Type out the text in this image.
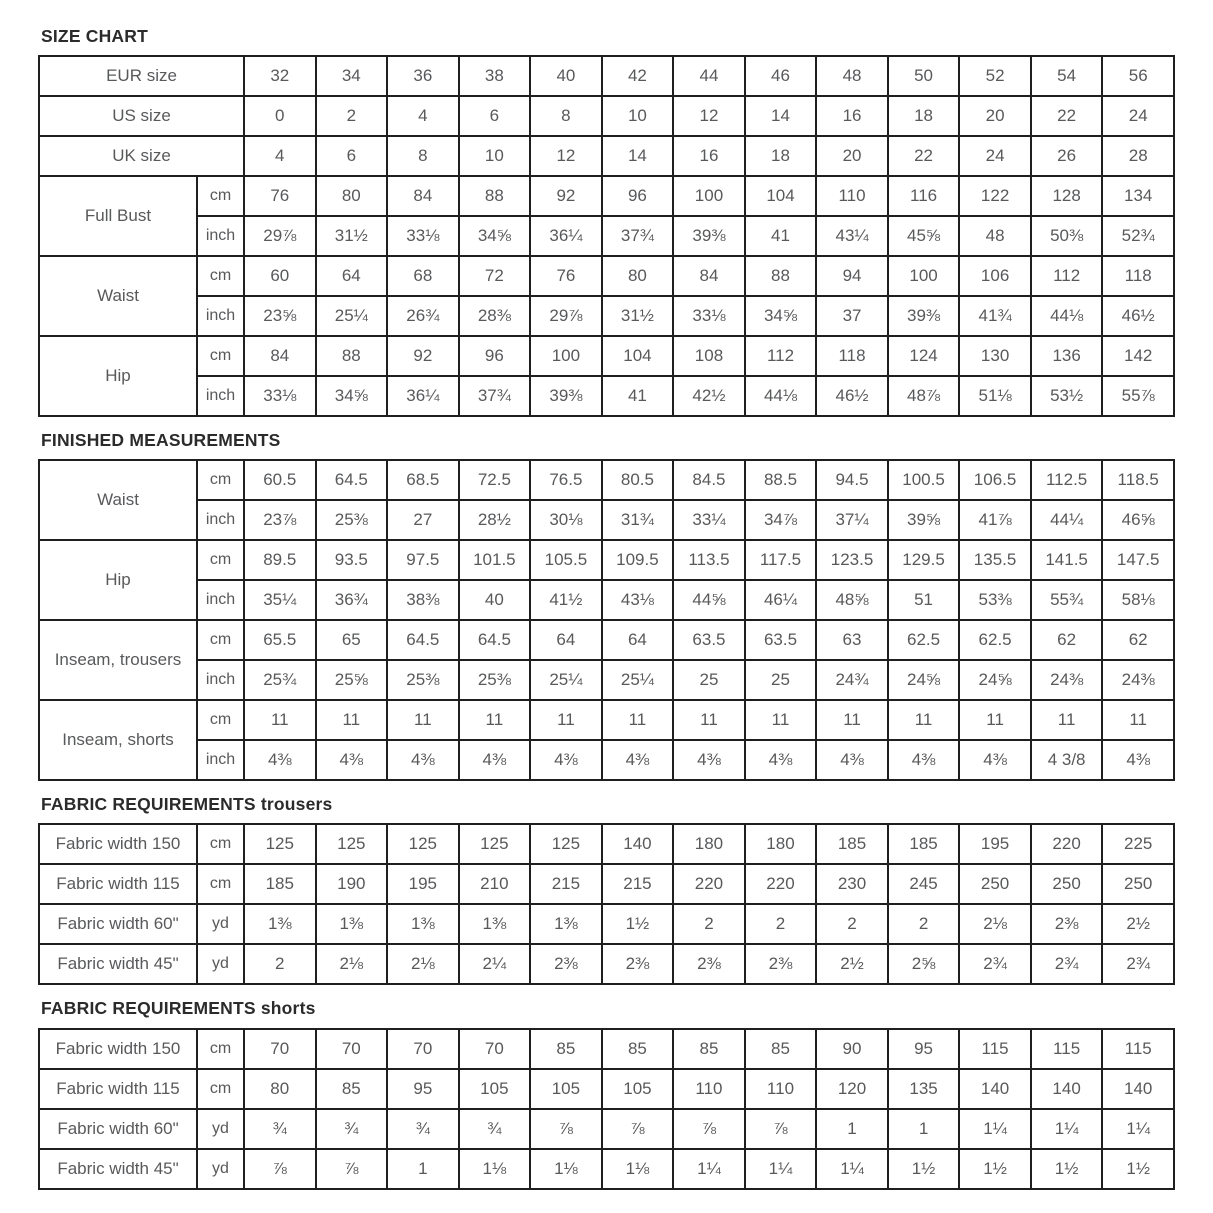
SIZE CHART
EUR size		32	34	36	38	40	42	44	46	48	50	52	54	56
US size		0	2	4	6	8	10	12	14	16	18	20	22	24
UK size		4	6	8	10	12	14	16	18	20	22	24	26	28
Full Bust	cm	76	80	84	88	92	96	100	104	110	116	122	128	134
	inch	29⅞	31½	33⅛	34⅝	36¼	37¾	39⅜	41	43¼	45⅝	48	50⅜	52¾
Waist	cm	60	64	68	72	76	80	84	88	94	100	106	112	118
	inch	23⅝	25¼	26¾	28⅜	29⅞	31½	33⅛	34⅝	37	39⅜	41¾	44⅛	46½
Hip	cm	84	88	92	96	100	104	108	112	118	124	130	136	142
	inch	33⅛	34⅝	36¼	37¾	39⅜	41	42½	44⅛	46½	48⅞	51⅛	53½	55⅞
FINISHED MEASUREMENTS
Waist	cm	60.5	64.5	68.5	72.5	76.5	80.5	84.5	88.5	94.5	100.5	106.5	112.5	118.5
	inch	23⅞	25⅜	27	28½	30⅛	31¾	33¼	34⅞	37¼	39⅝	41⅞	44¼	46⅝
Hip	cm	89.5	93.5	97.5	101.5	105.5	109.5	113.5	117.5	123.5	129.5	135.5	141.5	147.5
	inch	35¼	36¾	38⅜	40	41½	43⅛	44⅝	46¼	48⅝	51	53⅜	55¾	58⅛
Inseam, trousers	cm	65.5	65	64.5	64.5	64	64	63.5	63.5	63	62.5	62.5	62	62
	inch	25¾	25⅝	25⅜	25⅜	25¼	25¼	25	25	24¾	24⅝	24⅝	24⅜	24⅜
Inseam, shorts	cm	11	11	11	11	11	11	11	11	11	11	11	11	11
	inch	4⅜	4⅜	4⅜	4⅜	4⅜	4⅜	4⅜	4⅜	4⅜	4⅜	4⅜	4 3/8	4⅜
FABRIC REQUIREMENTS trousers
Fabric width 150	cm	125	125	125	125	125	140	180	180	185	185	195	220	225
Fabric width 115	cm	185	190	195	210	215	215	220	220	230	245	250	250	250
Fabric width 60"	yd	1⅜	1⅜	1⅜	1⅜	1⅜	1½	2	2	2	2	2⅛	2⅜	2½
Fabric width 45"	yd	2	2⅛	2⅛	2¼	2⅜	2⅜	2⅜	2⅜	2½	2⅝	2¾	2¾	2¾
FABRIC REQUIREMENTS shorts
Fabric width 150	cm	70	70	70	70	85	85	85	85	90	95	115	115	115
Fabric width 115	cm	80	85	95	105	105	105	110	110	120	135	140	140	140
Fabric width 60"	yd	¾	¾	¾	¾	⅞	⅞	⅞	⅞	1	1	1¼	1¼	1¼
Fabric width 45"	yd	⅞	⅞	1	1⅛	1⅛	1⅛	1¼	1¼	1¼	1½	1½	1½	1½
